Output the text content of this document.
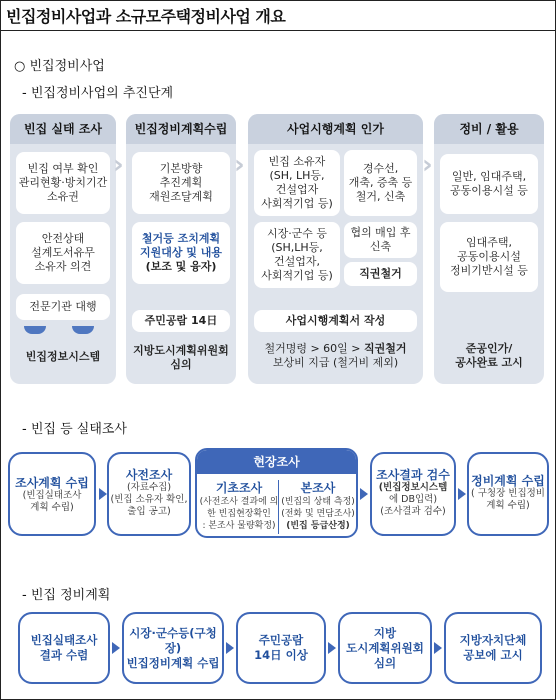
빈집정비사업과 소규모주택정비사업 개요
○ 빈집정비사업
- 빈집정비사업의 추진단계
빈집 실태 조사
빈집 여부 확인
관리현황·방치기간
소유권
안전상태
설계도서유무
소유자 의견
전문기관 대행
빈집정보시스템
›
빈집정비계획수립
기본방향
추진계획
재원조달계획
철거등 조치계획
지원대상 및 내용
(보조 및 융자)
주민공람 14日
지방도시계획위원회
심의
›
사업시행계획 인가
빈집 소유자
(SH, LH등,
건설업자
사회적기업 등)
경수선,
개축, 증축 등
철거, 신축
시장·군수 등
(SH,LH등,
건설업자,
사회적기업 등)
협의 매입 후
신축
직권철거
사업시행계획서 작성
철거명령 > 60일 > 직권철거
보상비 지급 (철거비 제외)
›
정비 / 활용
일반, 임대주택,
공동이용시설 등
임대주택,
공동이용시설
정비기반시설 등
준공인가/
공사완료 고시
- 빈집 등 실태조사
조사계획 수립
(빈집실태조사
계획 수립)
사전조사
(자료수집)
(빈집 소유자 확인,
출입 공고)
현장조사
기초조사
(사전조사 결과에 의
한 빈집현장확인
: 본조사 물량확정)
본조사
(빈집의 상태 측정)
(전화 및 면담조사)
(빈집 등급산정)
조사결과 검수
(빈집정보시스템
에 DB입력)
(조사결과 검수)
정비계획 수립
( 구청장 빈집정비
계획 수립)
- 빈집 정비계획
빈집실태조사
결과 수렴
시장·군수등(구청장)
빈집정비계획 수립
주민공람
14日 이상
지방
도시계획위원회
심의
지방자치단체
공보에 고시
